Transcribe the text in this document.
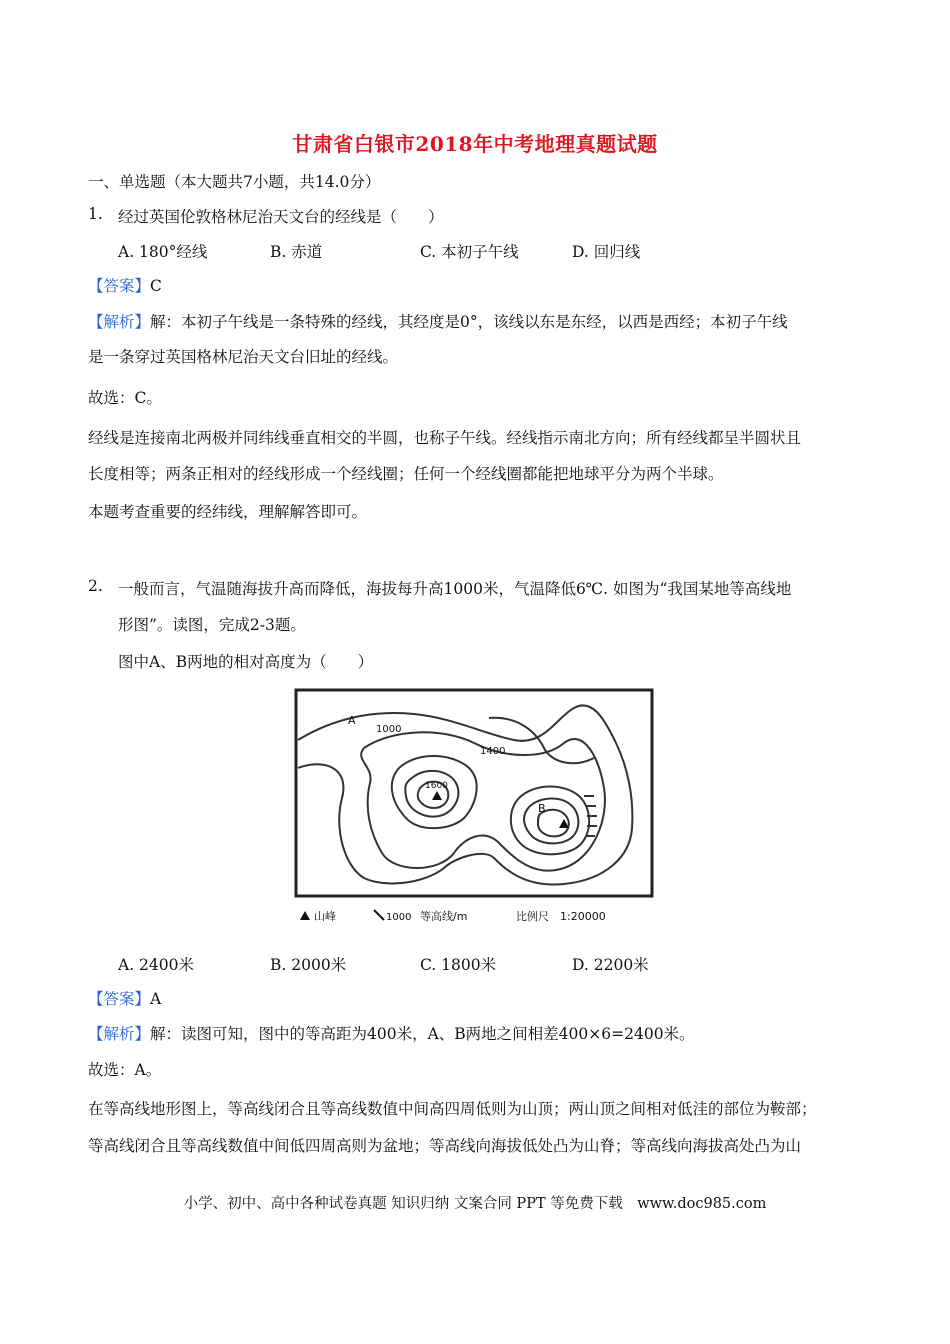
甘肃省白银市2018年中考地理真题试题
一、单选题（本大题共7小题，共14.0分）
1. 经过英国伦敦格林尼治天文台的经线是（　　）
A. 180°经线	B. 赤道	C. 本初子午线	D. 回归线
【答案】C
【解析】解：本初子午线是一条特殊的经线，其经度是0°，该线以东是东经，以西是西经；本初子午线
是一条穿过英国格林尼治天文台旧址的经线。
故选：C。
经线是连接南北两极并同纬线垂直相交的半圆，也称子午线。经线指示南北方向；所有经线都呈半圆状且
长度相等；两条正相对的经线形成一个经线圈；任何一个经线圈都能把地球平分为两个半球。
本题考查重要的经纬线，理解解答即可。
2. 一般而言，气温随海拔升高而降低，海拔每升高1000米，气温降低6℃. 如图为“我国某地等高线地
形图”。读图，完成2-3题。
图中A、B两地的相对高度为（　　）
A
1000
1400
1600
B
山峰	1000 等高线/m	比例尺　1:20000
A. 2400米	B. 2000米	C. 1800米	D. 2200米
【答案】A
【解析】解：读图可知，图中的等高距为400米，A、B两地之间相差400×6=2400米。
故选：A。
在等高线地形图上，等高线闭合且等高线数值中间高四周低则为山顶；两山顶之间相对低洼的部位为鞍部；
等高线闭合且等高线数值中间低四周高则为盆地；等高线向海拔低处凸为山脊；等高线向海拔高处凸为山
小学、初中、高中各种试卷真题 知识归纳 文案合同 PPT 等免费下载　www.doc985.com
